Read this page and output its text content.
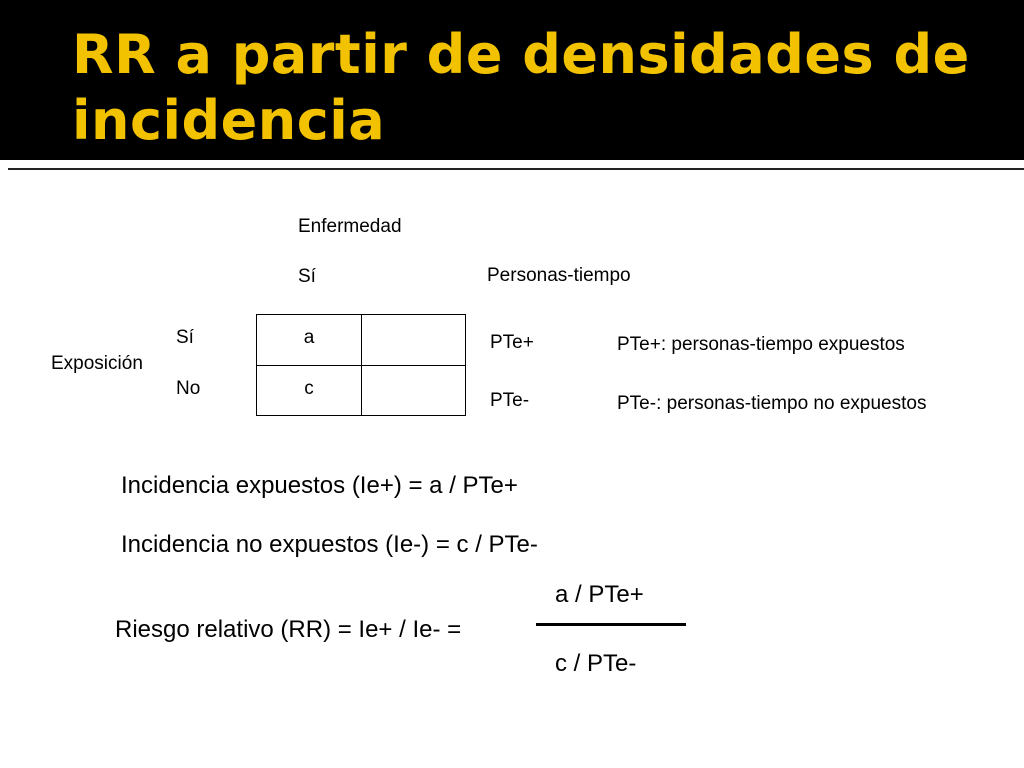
RR a partir de densidades de incidencia
Enfermedad
Sí	Personas-tiempo
Exposición
Sí
No
a
c
PTe+
PTe-
PTe+: personas-tiempo expuestos
PTe-: personas-tiempo no expuestos
Incidencia expuestos (Ie+) = a / PTe+
Incidencia no expuestos (Ie-) = c / PTe-
Riesgo relativo (RR) = Ie+ / Ie- =
a / PTe+
c / PTe-
